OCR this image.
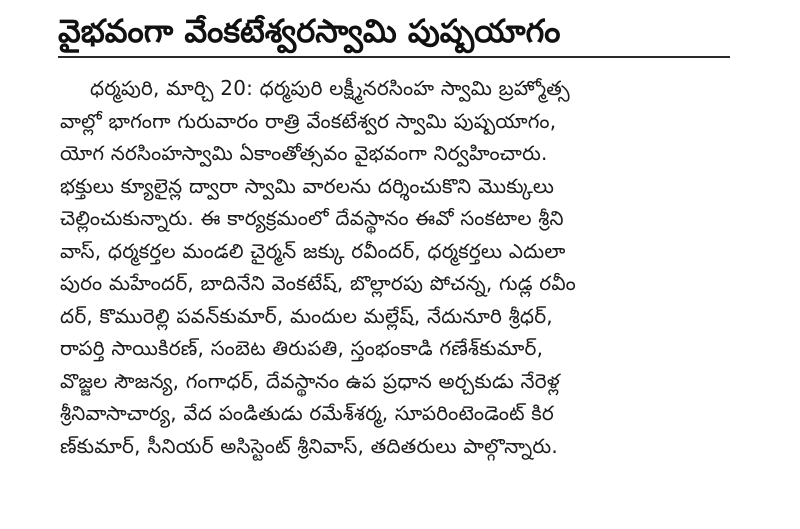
వైభవంగా వేంకటేశ్వరస్వామి పుష్పయాగం
ధర్మపురి, మార్చి 20: ధర్మపురి లక్ష్మీనరసింహ స్వామి బ్రహ్మోత్స
వాల్లో భాగంగా గురువారం రాత్రి వేంకటేశ్వర స్వామి పుష్పయాగం,
యోగ నరసింహస్వామి ఏకాంతోత్సవం వైభవంగా నిర్వహించారు.
భక్తులు క్యూలైన్ల ద్వారా స్వామి వారలను దర్శించుకొని మొక్కులు
చెల్లించుకున్నారు. ఈ కార్యక్రమంలో దేవస్థానం ఈవో సంకటాల శ్రీని
వాస్, ధర్మకర్తల మండలి చైర్మన్ జక్కు రవీందర్, ధర్మకర్తలు ఎదులా
పురం మహేందర్, బాదినేని వెంకటేష్, బొల్లారపు పోచన్న, గుడ్ల రవీం
దర్, కొమురెల్లి పవన్‌కుమార్, మందుల మల్లేష్, నేదునూరి శ్రీధర్,
రాపర్తి సాయికిరణ్, సంబెట తిరుపతి, స్తంభంకాడి గణేశ్‌కుమార్,
వొజ్జల సౌజన్య, గంగాధర్, దేవస్థానం ఉప ప్రధాన అర్చకుడు నేరెళ్ల
శ్రీనివాసాచార్య, వేద పండితుడు రమేశ్‌శర్మ, సూపరింటెండెంట్ కిర
ణ్‌కుమార్, సీనియర్ అసిస్టెంట్ శ్రీనివాస్, తదితరులు పాల్గొన్నారు.
